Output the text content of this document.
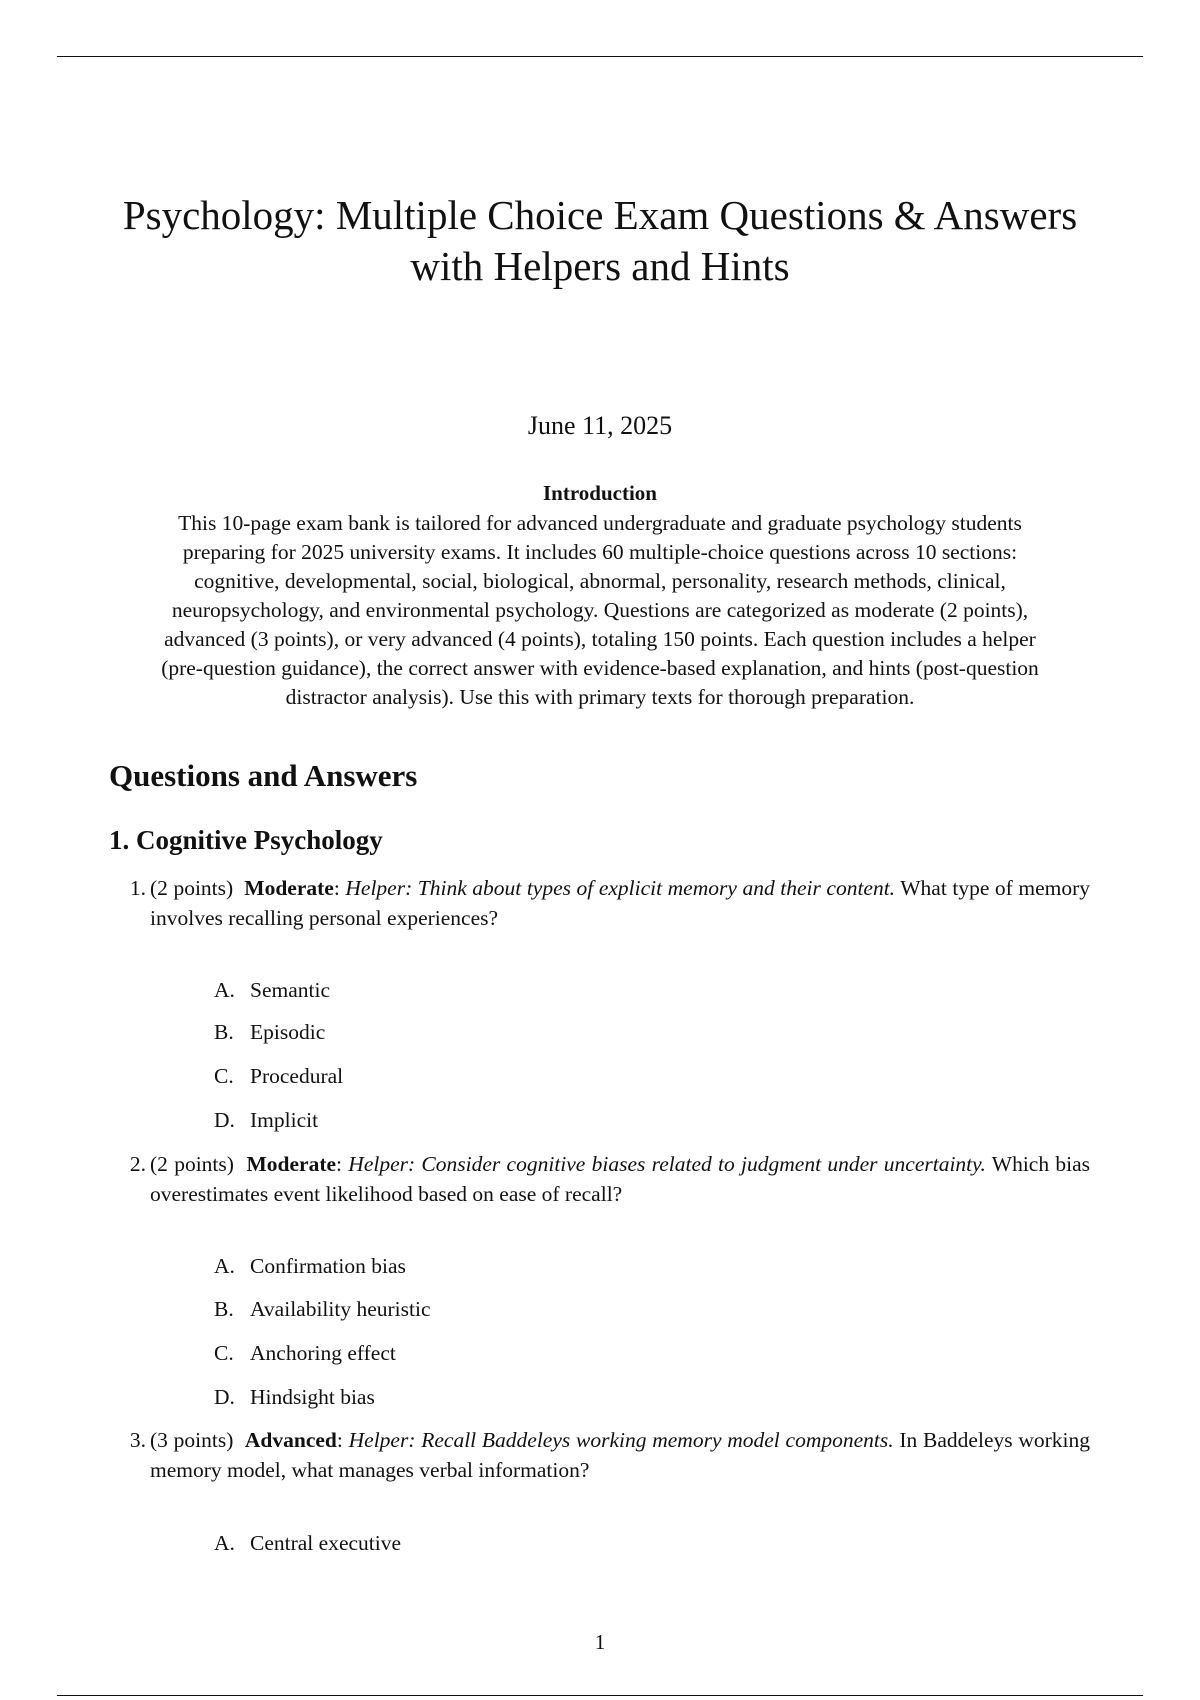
Psychology: Multiple Choice Exam Questions & Answers
with Helpers and Hints
June 11, 2025
Introduction
This 10-page exam bank is tailored for advanced undergraduate and graduate psychology students
preparing for 2025 university exams. It includes 60 multiple-choice questions across 10 sections:
cognitive, developmental, social, biological, abnormal, personality, research methods, clinical,
neuropsychology, and environmental psychology. Questions are categorized as moderate (2 points),
advanced (3 points), or very advanced (4 points), totaling 150 points. Each question includes a helper
(pre-question guidance), the correct answer with evidence-based explanation, and hints (post-question
distractor analysis). Use this with primary texts for thorough preparation.
Questions and Answers
1. Cognitive Psychology
1. (2 points) Moderate: Helper: Think about types of explicit memory and their content. What type of memory involves recalling personal experiences?
A. Semantic
B. Episodic
C. Procedural
D. Implicit
2. (2 points) Moderate: Helper: Consider cognitive biases related to judgment under uncertainty. Which bias overestimates event likelihood based on ease of recall?
A. Confirmation bias
B. Availability heuristic
C. Anchoring effect
D. Hindsight bias
3. (3 points) Advanced: Helper: Recall Baddeleys working memory model components. In Baddeleys working memory model, what manages verbal information?
A. Central executive
1
